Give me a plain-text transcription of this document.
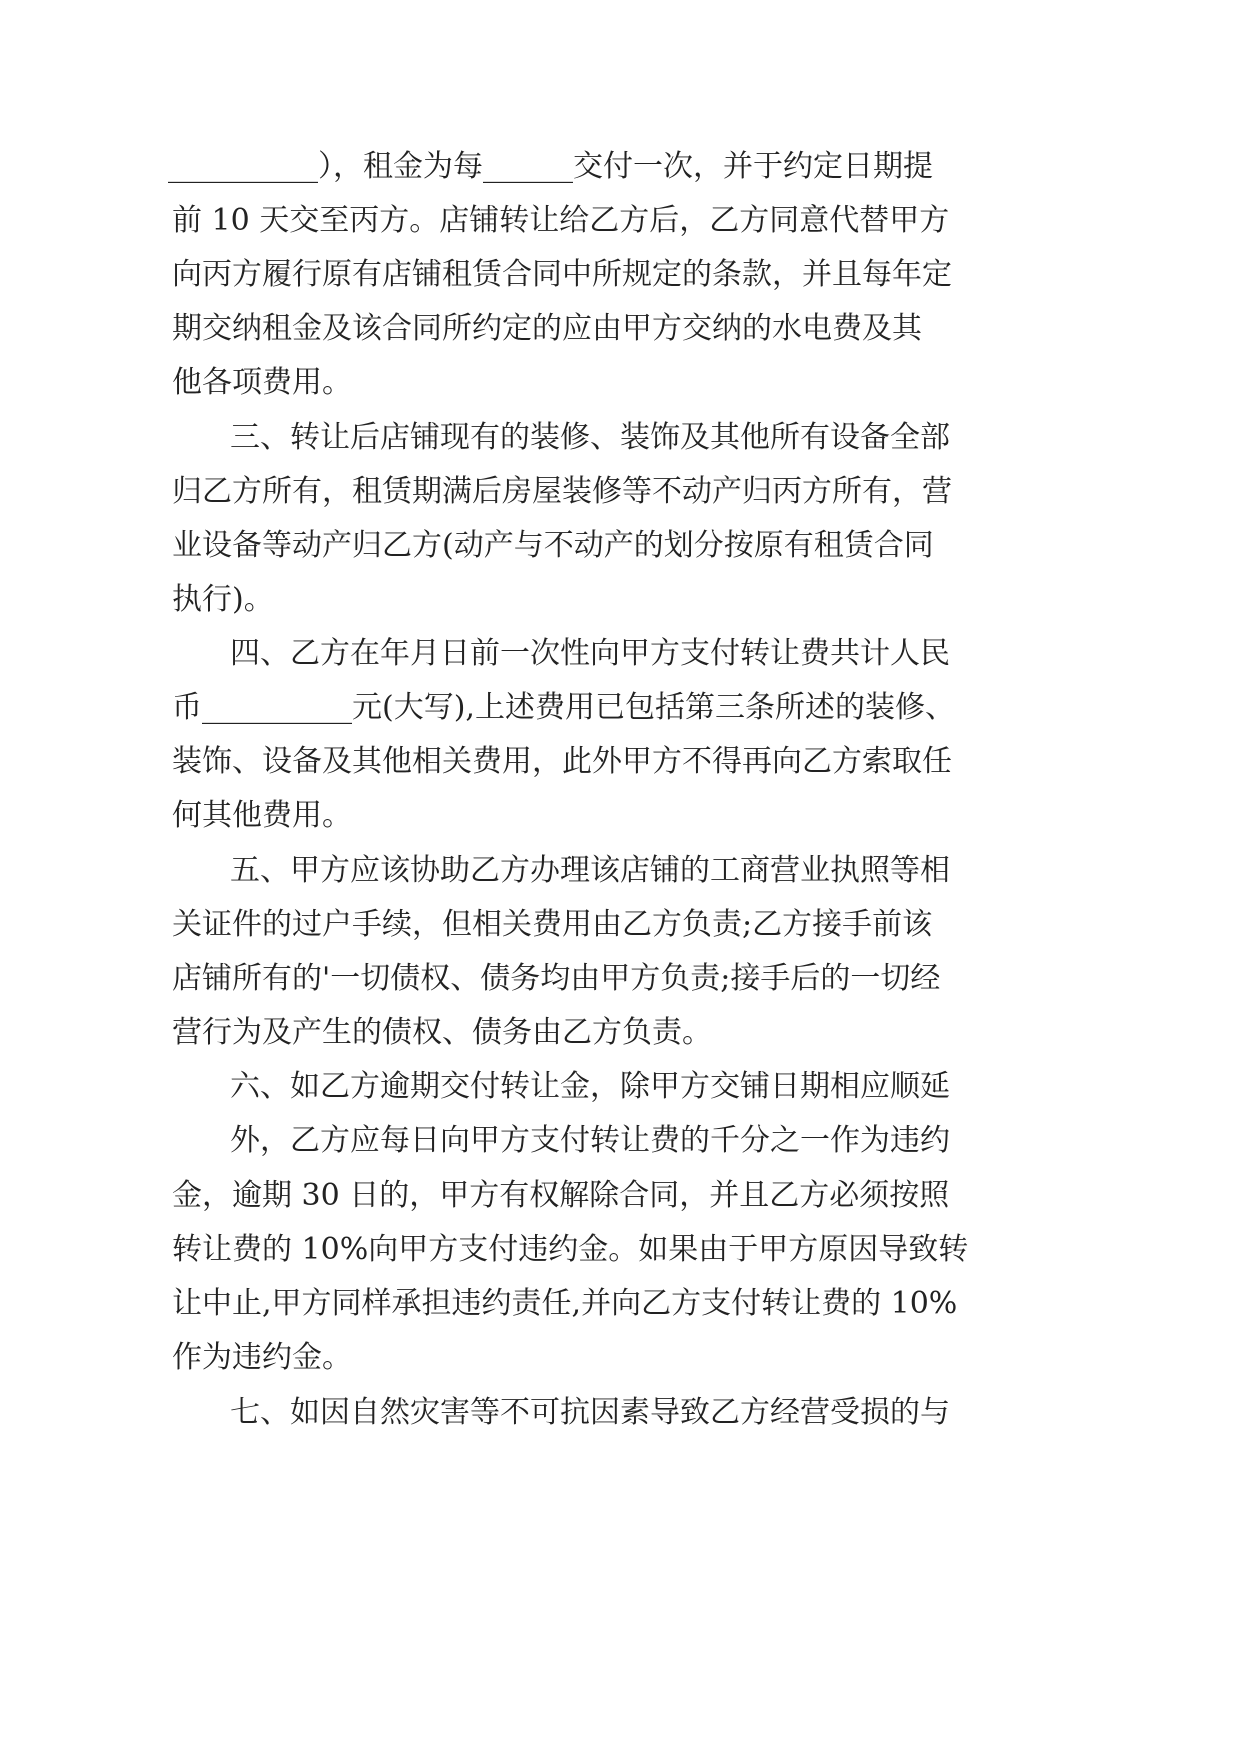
__________），租金为每______交付一次，并于约定日期提
前 10 天交至丙方。店铺转让给乙方后，乙方同意代替甲方
向丙方履行原有店铺租赁合同中所规定的条款，并且每年定
期交纳租金及该合同所约定的应由甲方交纳的水电费及其
他各项费用。
三、转让后店铺现有的装修、装饰及其他所有设备全部
归乙方所有，租赁期满后房屋装修等不动产归丙方所有，营
业设备等动产归乙方(动产与不动产的划分按原有租赁合同
执行)。
四、乙方在年月日前一次性向甲方支付转让费共计人民
币__________元(大写),上述费用已包括第三条所述的装修、
装饰、设备及其他相关费用，此外甲方不得再向乙方索取任
何其他费用。
五、甲方应该协助乙方办理该店铺的工商营业执照等相
关证件的过户手续，但相关费用由乙方负责;乙方接手前该
店铺所有的'一切债权、债务均由甲方负责;接手后的一切经
营行为及产生的债权、债务由乙方负责。
六、如乙方逾期交付转让金，除甲方交铺日期相应顺延
外，乙方应每日向甲方支付转让费的千分之一作为违约
金，逾期 30 日的，甲方有权解除合同，并且乙方必须按照
转让费的 10%向甲方支付违约金。如果由于甲方原因导致转
让中止,甲方同样承担违约责任,并向乙方支付转让费的 10%
作为违约金。
七、如因自然灾害等不可抗因素导致乙方经营受损的与
